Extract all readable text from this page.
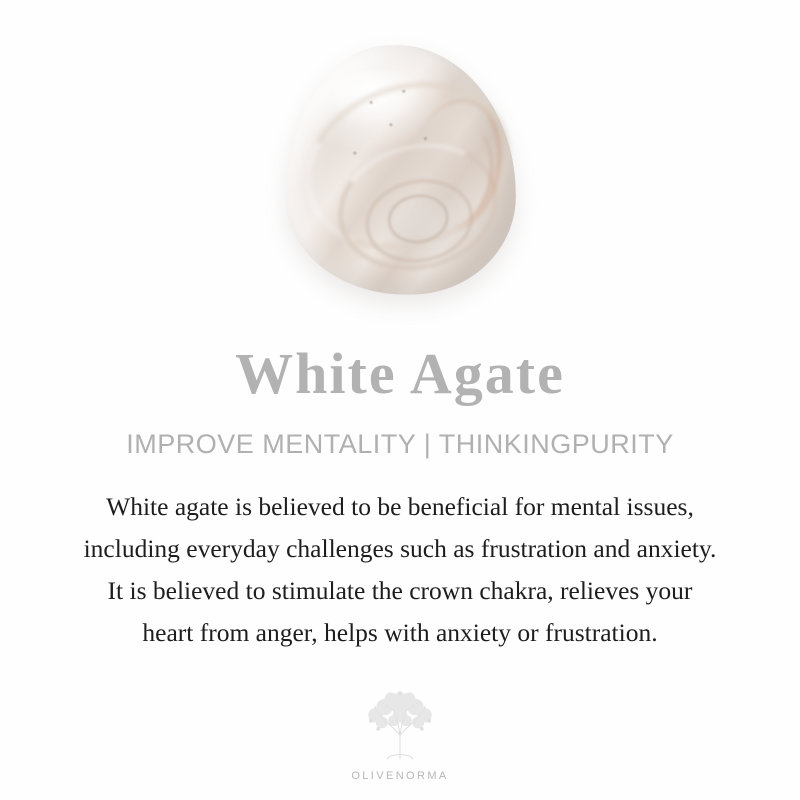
White Agate
IMPROVE MENTALITY | THINKINGPURITY
White agate is believed to be beneficial for mental issues,
including everyday challenges such as frustration and anxiety.
It is believed to stimulate the crown chakra, relieves your
heart from anger, helps with anxiety or frustration.
OLIVENORMA
